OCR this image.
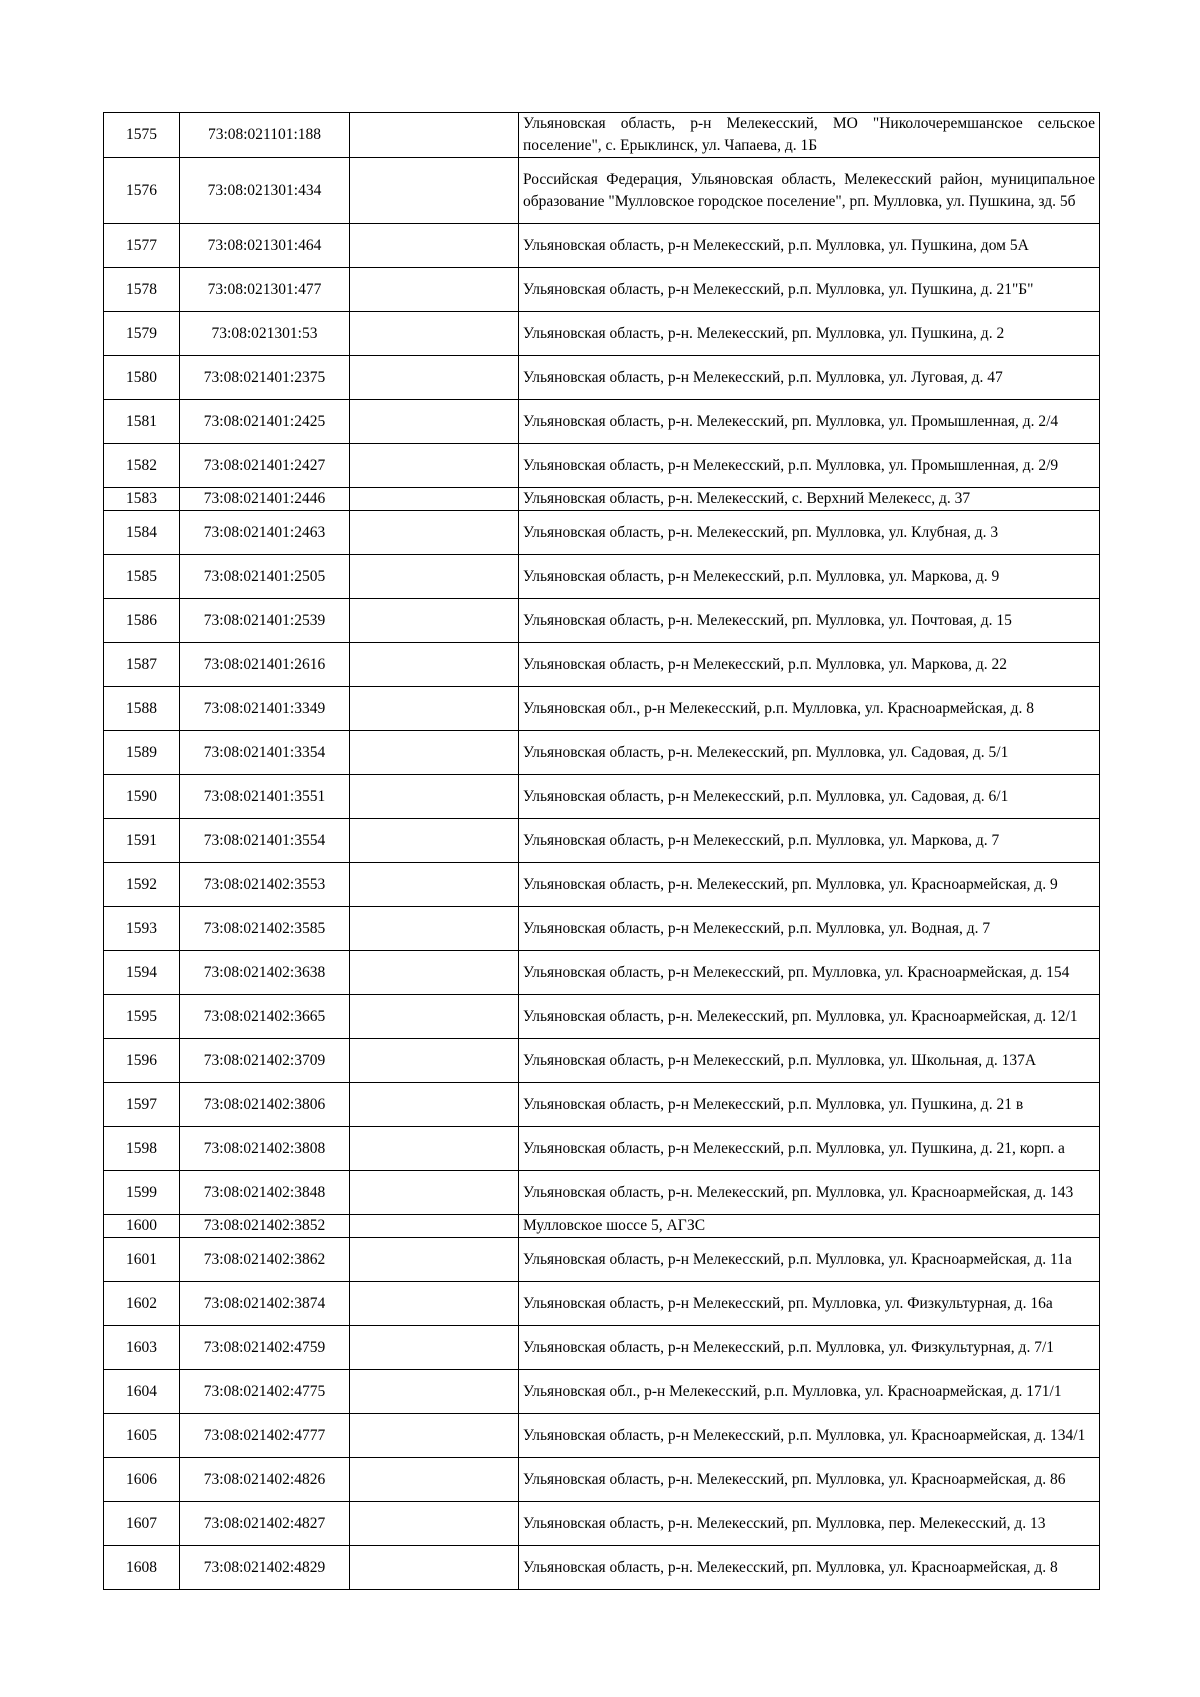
1575	73:08:021101:188		Ульяновская область, р-н Мелекесский, МО "Николочеремшанское сельское поселение", с. Ерыклинск, ул. Чапаева, д. 1Б
1576	73:08:021301:434		Российская Федерация, Ульяновская область, Мелекесский район, муниципальное образование "Мулловское городское поселение", рп. Мулловка, ул. Пушкина, зд. 5б
1577	73:08:021301:464		Ульяновская область, р-н Мелекесский, р.п. Мулловка, ул. Пушкина, дом 5А
1578	73:08:021301:477		Ульяновская область, р-н Мелекесский, р.п. Мулловка, ул. Пушкина, д. 21"Б"
1579	73:08:021301:53		Ульяновская область, р-н. Мелекесский, рп. Мулловка, ул. Пушкина, д. 2
1580	73:08:021401:2375		Ульяновская область, р-н Мелекесский, р.п. Мулловка, ул. Луговая, д. 47
1581	73:08:021401:2425		Ульяновская область, р-н. Мелекесский, рп. Мулловка, ул. Промышленная, д. 2/4
1582	73:08:021401:2427		Ульяновская область, р-н Мелекесский, р.п. Мулловка, ул. Промышленная, д. 2/9
1583	73:08:021401:2446		Ульяновская область, р-н. Мелекесский, с. Верхний Мелекесс, д. 37
1584	73:08:021401:2463		Ульяновская область, р-н. Мелекесский, рп. Мулловка, ул. Клубная, д. 3
1585	73:08:021401:2505		Ульяновская область, р-н Мелекесский, р.п. Мулловка, ул. Маркова, д. 9
1586	73:08:021401:2539		Ульяновская область, р-н. Мелекесский, рп. Мулловка, ул. Почтовая, д. 15
1587	73:08:021401:2616		Ульяновская область, р-н Мелекесский, р.п. Мулловка, ул. Маркова, д. 22
1588	73:08:021401:3349		Ульяновская обл., р-н Мелекесский, р.п. Мулловка, ул. Красноармейская, д. 8
1589	73:08:021401:3354		Ульяновская область, р-н. Мелекесский, рп. Мулловка, ул. Садовая, д. 5/1
1590	73:08:021401:3551		Ульяновская область, р-н Мелекесский, р.п. Мулловка, ул. Садовая, д. 6/1
1591	73:08:021401:3554		Ульяновская область, р-н Мелекесский, р.п. Мулловка, ул. Маркова, д. 7
1592	73:08:021402:3553		Ульяновская область, р-н. Мелекесский, рп. Мулловка, ул. Красноармейская, д. 9
1593	73:08:021402:3585		Ульяновская область, р-н Мелекесский, р.п. Мулловка, ул. Водная, д. 7
1594	73:08:021402:3638		Ульяновская область, р-н Мелекесский, рп. Мулловка, ул. Красноармейская, д. 154
1595	73:08:021402:3665		Ульяновская область, р-н. Мелекесский, рп. Мулловка, ул. Красноармейская, д. 12/1
1596	73:08:021402:3709		Ульяновская область, р-н Мелекесский, р.п. Мулловка, ул. Школьная, д. 137А
1597	73:08:021402:3806		Ульяновская область, р-н Мелекесский, р.п. Мулловка, ул. Пушкина, д. 21 в
1598	73:08:021402:3808		Ульяновская область, р-н Мелекесский, р.п. Мулловка, ул. Пушкина, д. 21, корп. а
1599	73:08:021402:3848		Ульяновская область, р-н. Мелекесский, рп. Мулловка, ул. Красноармейская, д. 143
1600	73:08:021402:3852		Мулловское шоссе 5, АГЗС
1601	73:08:021402:3862		Ульяновская область, р-н Мелекесский, р.п. Мулловка, ул. Красноармейская, д. 11а
1602	73:08:021402:3874		Ульяновская область, р-н Мелекесский, рп. Мулловка, ул. Физкультурная, д. 16а
1603	73:08:021402:4759		Ульяновская область, р-н Мелекесский, р.п. Мулловка, ул. Физкультурная, д. 7/1
1604	73:08:021402:4775		Ульяновская обл., р-н Мелекесский, р.п. Мулловка, ул. Красноармейская, д. 171/1
1605	73:08:021402:4777		Ульяновская область, р-н Мелекесский, р.п. Мулловка, ул. Красноармейская, д. 134/1
1606	73:08:021402:4826		Ульяновская область, р-н. Мелекесский, рп. Мулловка, ул. Красноармейская, д. 86
1607	73:08:021402:4827		Ульяновская область, р-н. Мелекесский, рп. Мулловка, пер. Мелекесский, д. 13
1608	73:08:021402:4829		Ульяновская область, р-н. Мелекесский, рп. Мулловка, ул. Красноармейская, д. 8
